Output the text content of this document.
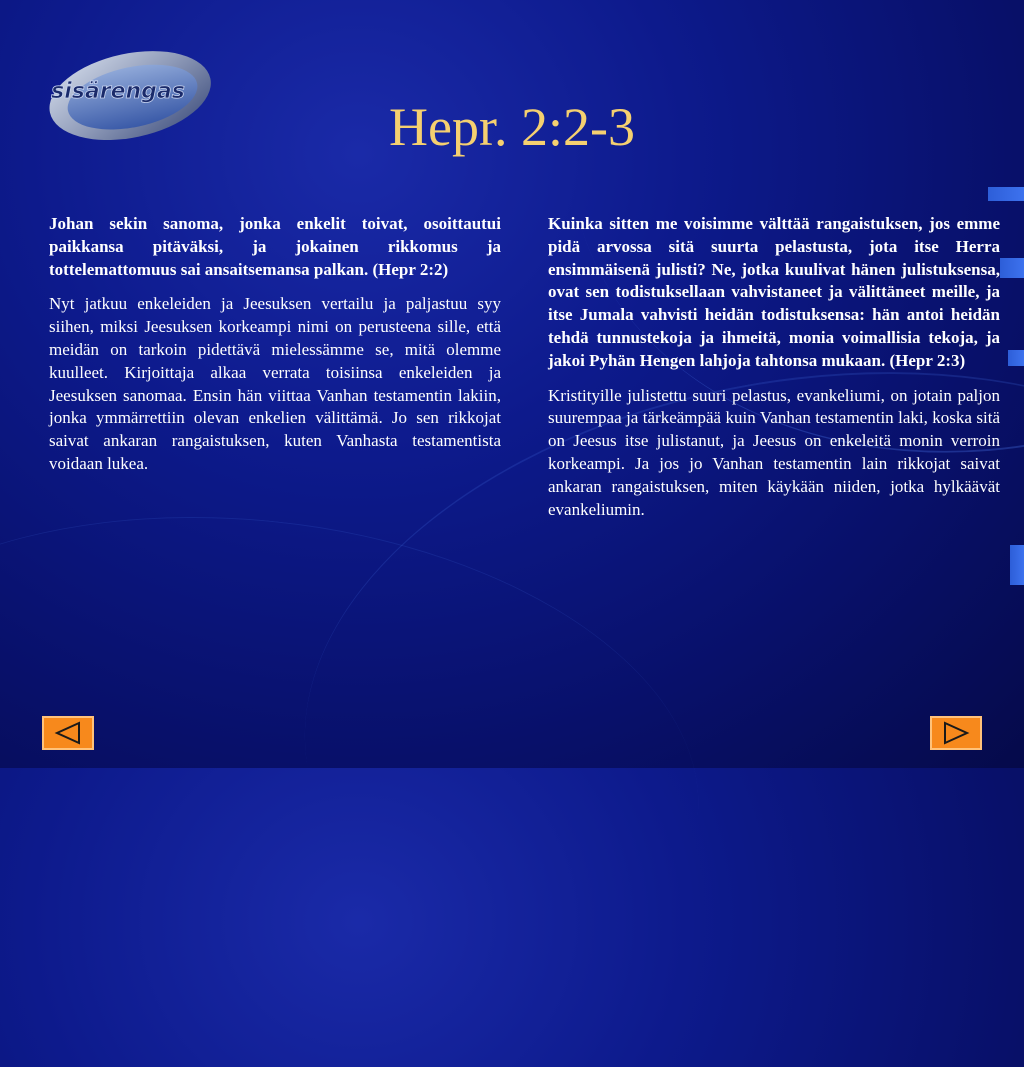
sisärengas
Hepr. 2:2-3

Johan sekin sanoma, jonka enkelit toivat, osoittautui paikkansa pitäväksi, ja jokainen rikkomus ja tottelemattomuus sai ansaitsemansa palkan. (Hepr 2:2)

Nyt jatkuu enkeleiden ja Jeesuksen vertailu ja paljastuu syy siihen, miksi Jeesuksen korkeampi nimi on perusteena sille, että meidän on tarkoin pidettävä mielessämme se, mitä olemme kuulleet. Kirjoittaja alkaa verrata toisiinsa enkeleiden ja Jeesuksen sanomaa. Ensin hän viittaa Vanhan testamentin lakiin, jonka ymmärrettiin olevan enkelien välittämä. Jo sen rikkojat saivat ankaran rangaistuksen, kuten Vanhasta testamentista voidaan lukea.

Kuinka sitten me voisimme välttää rangaistuksen, jos emme pidä arvossa sitä suurta pelastusta, jota itse Herra ensimmäisenä julisti? Ne, jotka kuulivat hänen julistuksensa, ovat sen todistuksellaan vahvistaneet ja välittäneet meille, ja itse Jumala vahvisti heidän todistuksensa: hän antoi heidän tehdä tunnustekoja ja ihmeitä, monia voimallisia tekoja, ja jakoi Pyhän Hengen lahjoja tahtonsa mukaan. (Hepr 2:3)

Kristityille julistettu suuri pelastus, evankeliumi, on jotain paljon suurempaa ja tärkeämpää kuin Vanhan testamentin laki, koska sitä on Jeesus itse julistanut, ja Jeesus on enkeleitä monin verroin korkeampi. Ja jos jo Vanhan testamentin lain rikkojat saivat ankaran rangaistuksen, miten käykään niiden, jotka hylkäävät evankeliumin.
